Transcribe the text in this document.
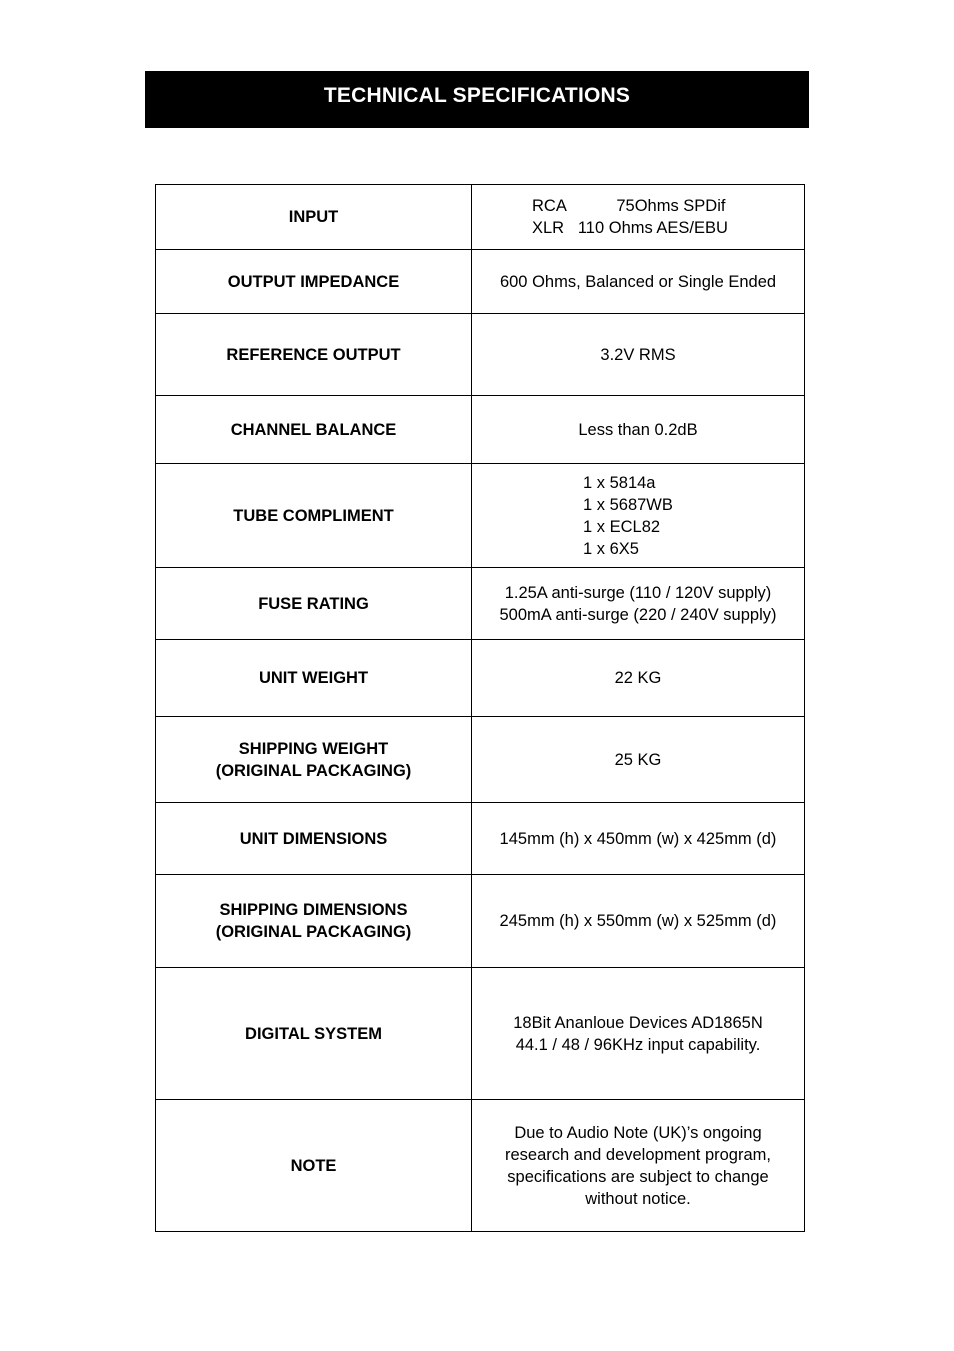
TECHNICAL SPECIFICATIONS
INPUT	RCA           75Ohms SPDif
XLR   110 Ohms AES/EBU

OUTPUT IMPEDANCE	600 Ohms, Balanced or Single Ended

REFERENCE OUTPUT	3.2V RMS

CHANNEL BALANCE	Less than 0.2dB

TUBE COMPLIMENT	1 x 5814a
1 x 5687WB
1 x ECL82
1 x 6X5

FUSE RATING	1.25A anti-surge (110 / 120V supply)
500mA anti-surge (220 / 240V supply)

UNIT WEIGHT	22 KG

SHIPPING WEIGHT
(ORIGINAL PACKAGING)	25 KG

UNIT DIMENSIONS	145mm (h) x 450mm (w) x 425mm (d)

SHIPPING DIMENSIONS
(ORIGINAL PACKAGING)	245mm (h) x 550mm (w) x 525mm (d)

DIGITAL SYSTEM	18Bit Ananloue Devices AD1865N
44.1 / 48 / 96KHz input capability.

NOTE	Due to Audio Note (UK)’s ongoing
research and development program,
specifications are subject to change
without notice.
